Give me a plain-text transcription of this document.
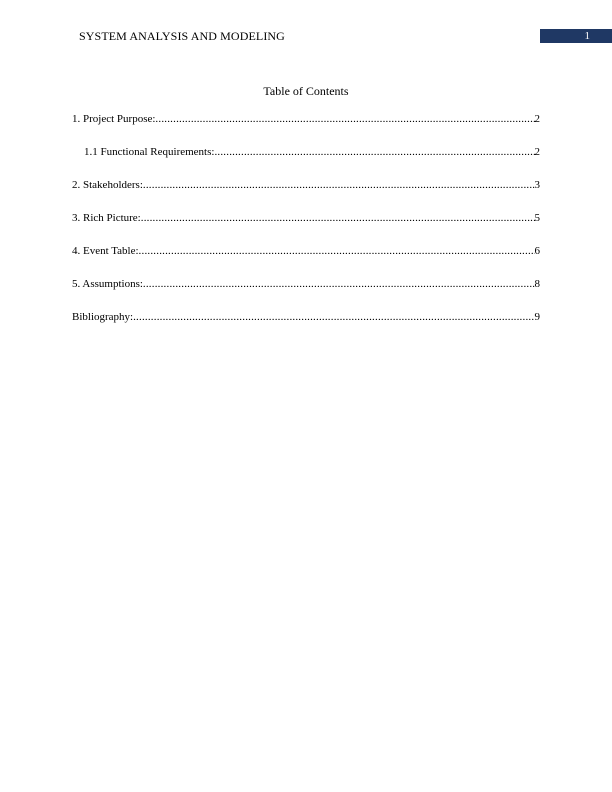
SYSTEM ANALYSIS AND MODELING	1
Table of Contents
1. Project Purpose: .....	2
1.1 Functional Requirements: .....	2
2. Stakeholders: .....	3
3. Rich Picture: .....	5
4. Event Table: .....	6
5. Assumptions: .....	8
Bibliography: .....	9
